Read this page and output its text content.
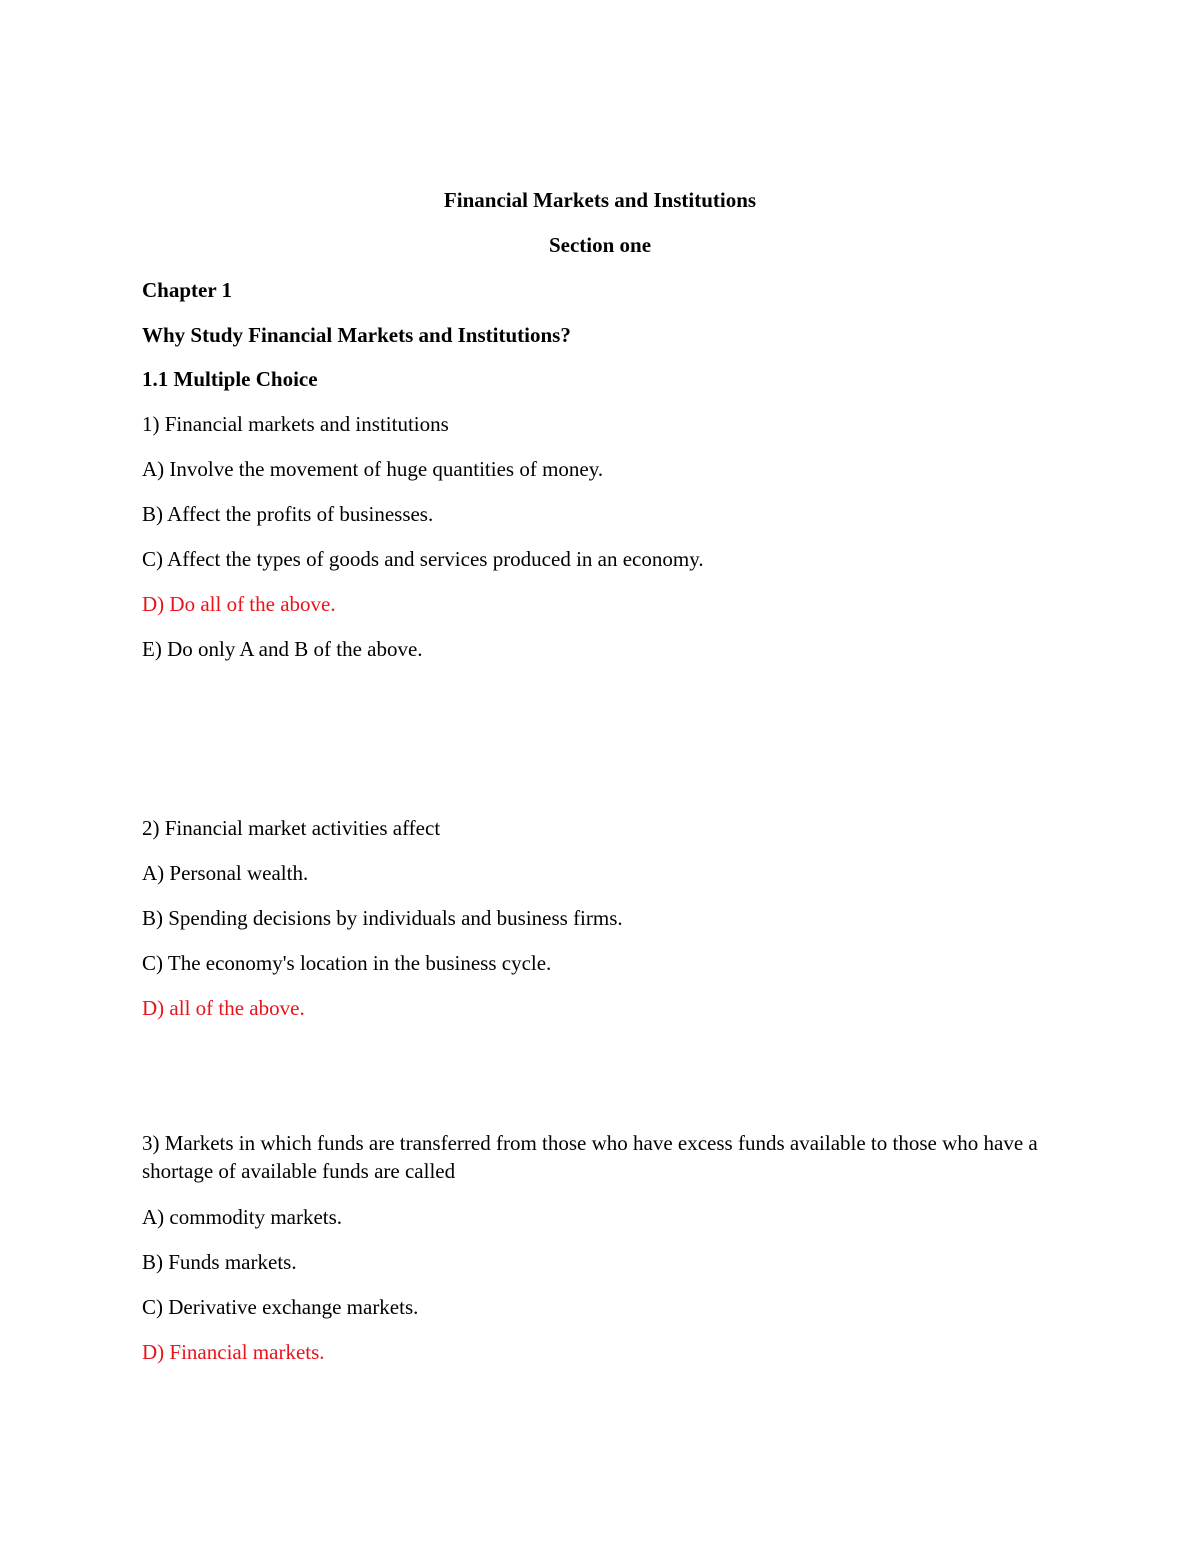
Financial Markets and Institutions
Section one
Chapter 1
Why Study Financial Markets and Institutions?
1.1 Multiple Choice
1) Financial markets and institutions
A) Involve the movement of huge quantities of money.
B) Affect the profits of businesses.
C) Affect the types of goods and services produced in an economy.
D) Do all of the above.
E) Do only A and B of the above.
2) Financial market activities affect
A) Personal wealth.
B) Spending decisions by individuals and business firms.
C) The economy's location in the business cycle.
D) all of the above.
3) Markets in which funds are transferred from those who have excess funds available to those who have a shortage of available funds are called
A) commodity markets.
B) Funds markets.
C) Derivative exchange markets.
D) Financial markets.
